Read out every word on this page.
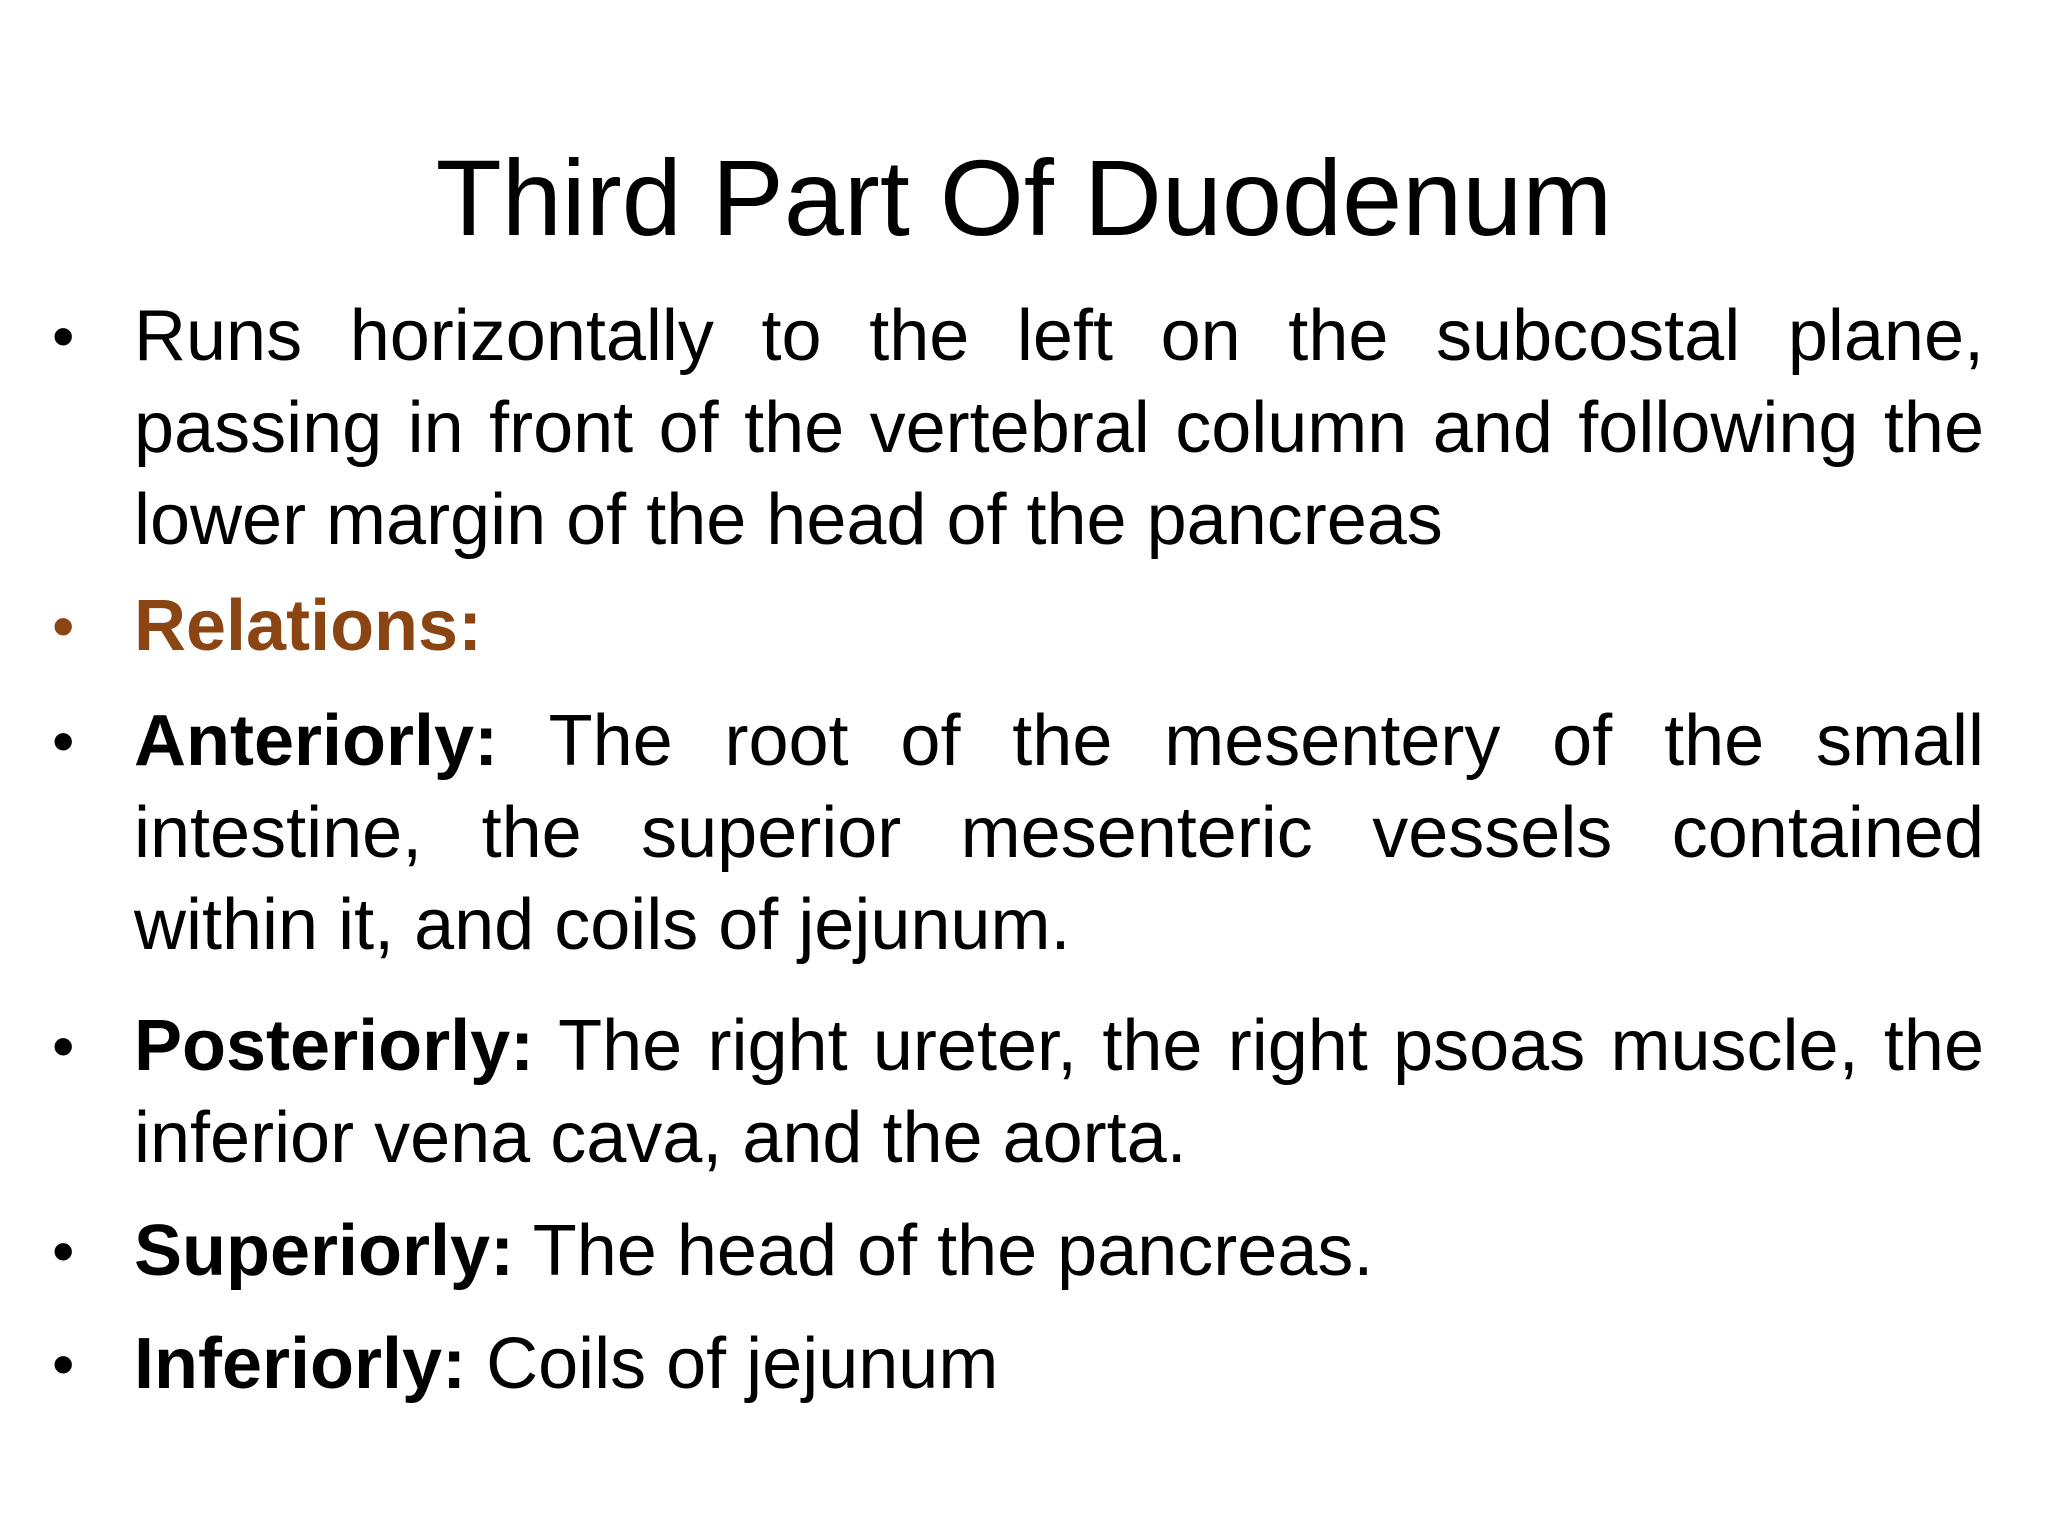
Third Part Of Duodenum
• Runs horizontally to the left on the subcostal plane, passing in front of the vertebral column and following the lower margin of the head of the pancreas
• Relations:
• Anteriorly: The root of the mesentery of the small intestine, the superior mesenteric vessels contained within it, and coils of jejunum.
• Posteriorly: The right ureter, the right psoas muscle, the inferior vena cava, and the aorta.
• Superiorly: The head of the pancreas.
• Inferiorly: Coils of jejunum
